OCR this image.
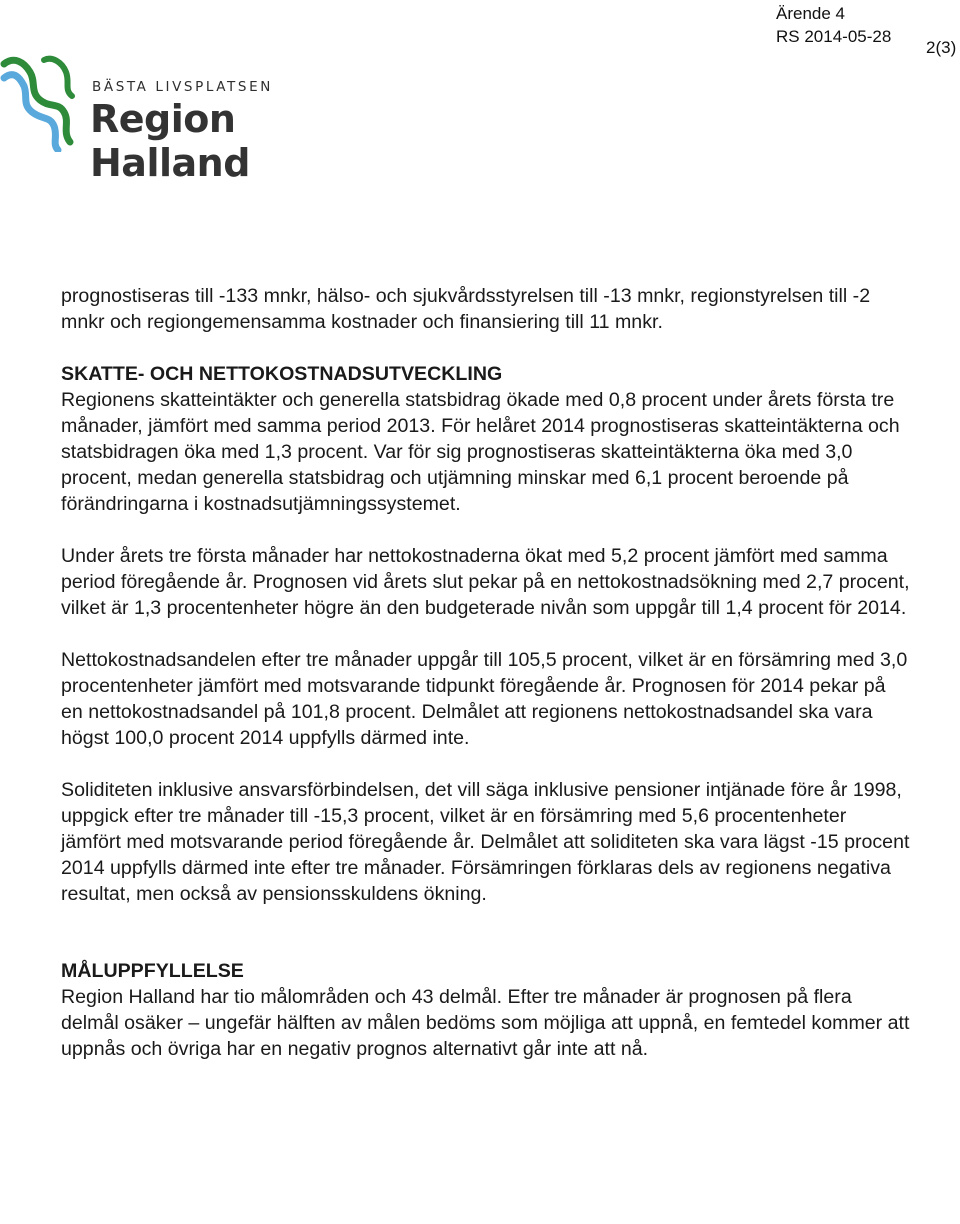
Ärende 4
RS 2014-05-28
2(3)
BÄSTA LIVSPLATSEN
Region Halland

prognostiseras till -133 mnkr, hälso- och sjukvårdsstyrelsen till -13 mnkr, regionstyrelsen till -2 mnkr och regiongemensamma kostnader och finansiering till 11 mnkr.

SKATTE- OCH NETTOKOSTNADSUTVECKLING

Regionens skatteintäkter och generella statsbidrag ökade med 0,8 procent under årets första tre månader, jämfört med samma period 2013. För helåret 2014 prognostiseras skatteintäkterna och statsbidragen öka med 1,3 procent. Var för sig prognostiseras skatteintäkterna öka med 3,0 procent, medan generella statsbidrag och utjämning minskar med 6,1 procent beroende på förändringarna i kostnadsutjämningssystemet.

Under årets tre första månader har nettokostnaderna ökat med 5,2 procent jämfört med samma period föregående år. Prognosen vid årets slut pekar på en nettokostnadsökning med 2,7 procent, vilket är 1,3 procentenheter högre än den budgeterade nivån som uppgår till 1,4 procent för 2014.

Nettokostnadsandelen efter tre månader uppgår till 105,5 procent, vilket är en försämring med 3,0 procentenheter jämfört med motsvarande tidpunkt föregående år. Prognosen för 2014 pekar på en nettokostnadsandel på 101,8 procent. Delmålet att regionens nettokostnadsandel ska vara högst 100,0 procent 2014 uppfylls därmed inte.

Soliditeten inklusive ansvarsförbindelsen, det vill säga inklusive pensioner intjänade före år 1998, uppgick efter tre månader till -15,3 procent, vilket är en försämring med 5,6 procentenheter jämfört med motsvarande period föregående år. Delmålet att soliditeten ska vara lägst -15 procent 2014 uppfylls därmed inte efter tre månader. Försämringen förklaras dels av regionens negativa resultat, men också av pensionsskuldens ökning.

MÅLUPPFYLLELSE

Region Halland har tio målområden och 43 delmål. Efter tre månader är prognosen på flera delmål osäker – ungefär hälften av målen bedöms som möjliga att uppnå, en femtedel kommer att uppnås och övriga har en negativ prognos alternativt går inte att nå.
